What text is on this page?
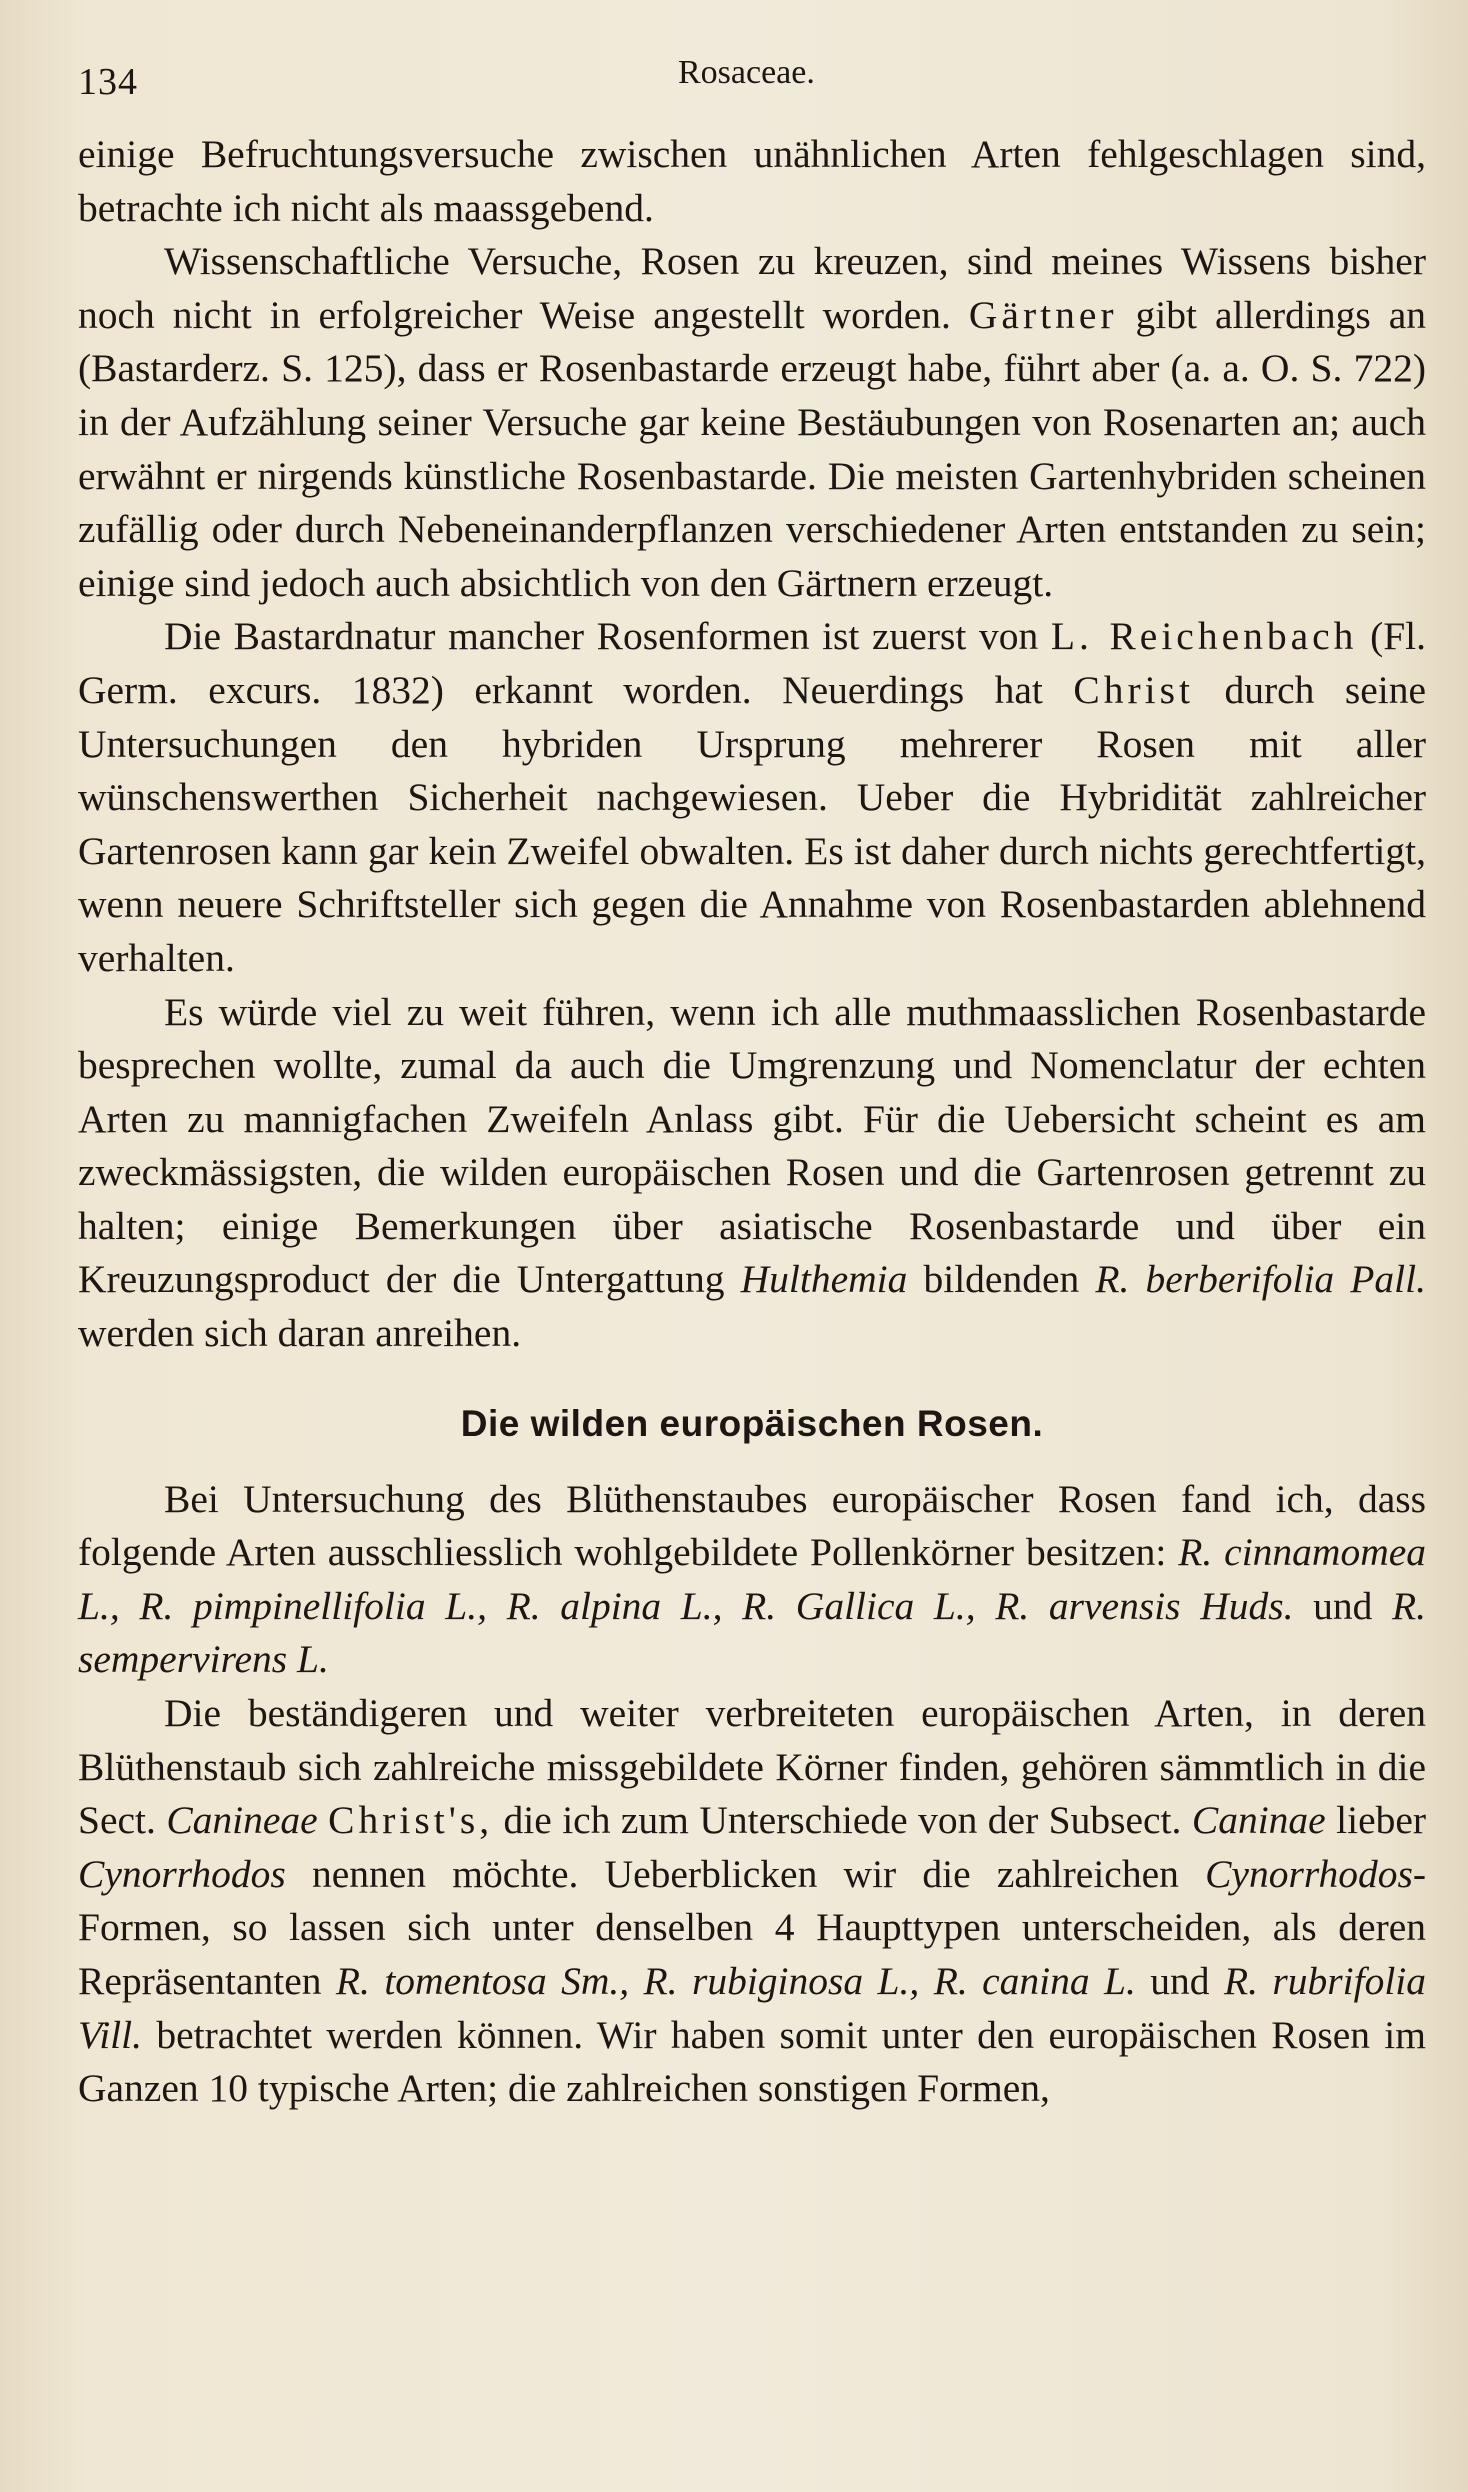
134	Rosaceae.

einige Befruchtungsversuche zwischen unähnlichen Arten fehlgeschlagen sind, betrachte ich nicht als maassgebend.

Wissenschaftliche Versuche, Rosen zu kreuzen, sind meines Wissens bisher noch nicht in erfolgreicher Weise angestellt worden. Gärtner gibt allerdings an (Bastarderz. S. 125), dass er Rosenbastarde erzeugt habe, führt aber (a. a. O. S. 722) in der Aufzählung seiner Versuche gar keine Bestäubungen von Rosenarten an; auch erwähnt er nirgends künstliche Rosenbastarde. Die meisten Gartenhybriden scheinen zufällig oder durch Nebeneinanderpflanzen verschiedener Arten entstanden zu sein; einige sind jedoch auch absichtlich von den Gärtnern erzeugt.

Die Bastardnatur mancher Rosenformen ist zuerst von L. Reichenbach (Fl. Germ. excurs. 1832) erkannt worden. Neuerdings hat Christ durch seine Untersuchungen den hybriden Ursprung mehrerer Rosen mit aller wünschenswerthen Sicherheit nachgewiesen. Ueber die Hybridität zahlreicher Gartenrosen kann gar kein Zweifel obwalten. Es ist daher durch nichts gerechtfertigt, wenn neuere Schriftsteller sich gegen die Annahme von Rosenbastarden ablehnend verhalten.

Es würde viel zu weit führen, wenn ich alle muthmaasslichen Rosenbastarde besprechen wollte, zumal da auch die Umgrenzung und Nomenclatur der echten Arten zu mannigfachen Zweifeln Anlass gibt. Für die Uebersicht scheint es am zweckmässigsten, die wilden europäischen Rosen und die Gartenrosen getrennt zu halten; einige Bemerkungen über asiatische Rosenbastarde und über ein Kreuzungsproduct der die Untergattung Hulthemia bildenden R. berberifolia Pall. werden sich daran anreihen.

Die wilden europäischen Rosen.

Bei Untersuchung des Blüthenstaubes europäischer Rosen fand ich, dass folgende Arten ausschliesslich wohlgebildete Pollenkörner besitzen: R. cinnamomea L., R. pimpinellifolia L., R. alpina L., R. Gallica L., R. arvensis Huds. und R. sempervirens L.

Die beständigeren und weiter verbreiteten europäischen Arten, in deren Blüthenstaub sich zahlreiche missgebildete Körner finden, gehören sämmtlich in die Sect. Canineae Christ's, die ich zum Unterschiede von der Subsect. Caninae lieber Cynorrhodos nennen möchte. Ueberblicken wir die zahlreichen Cynorrhodos-Formen, so lassen sich unter denselben 4 Haupttypen unterscheiden, als deren Repräsentanten R. tomentosa Sm., R. rubiginosa L., R. canina L. und R. rubrifolia Vill. betrachtet werden können. Wir haben somit unter den europäischen Rosen im Ganzen 10 typische Arten; die zahlreichen sonstigen Formen,
